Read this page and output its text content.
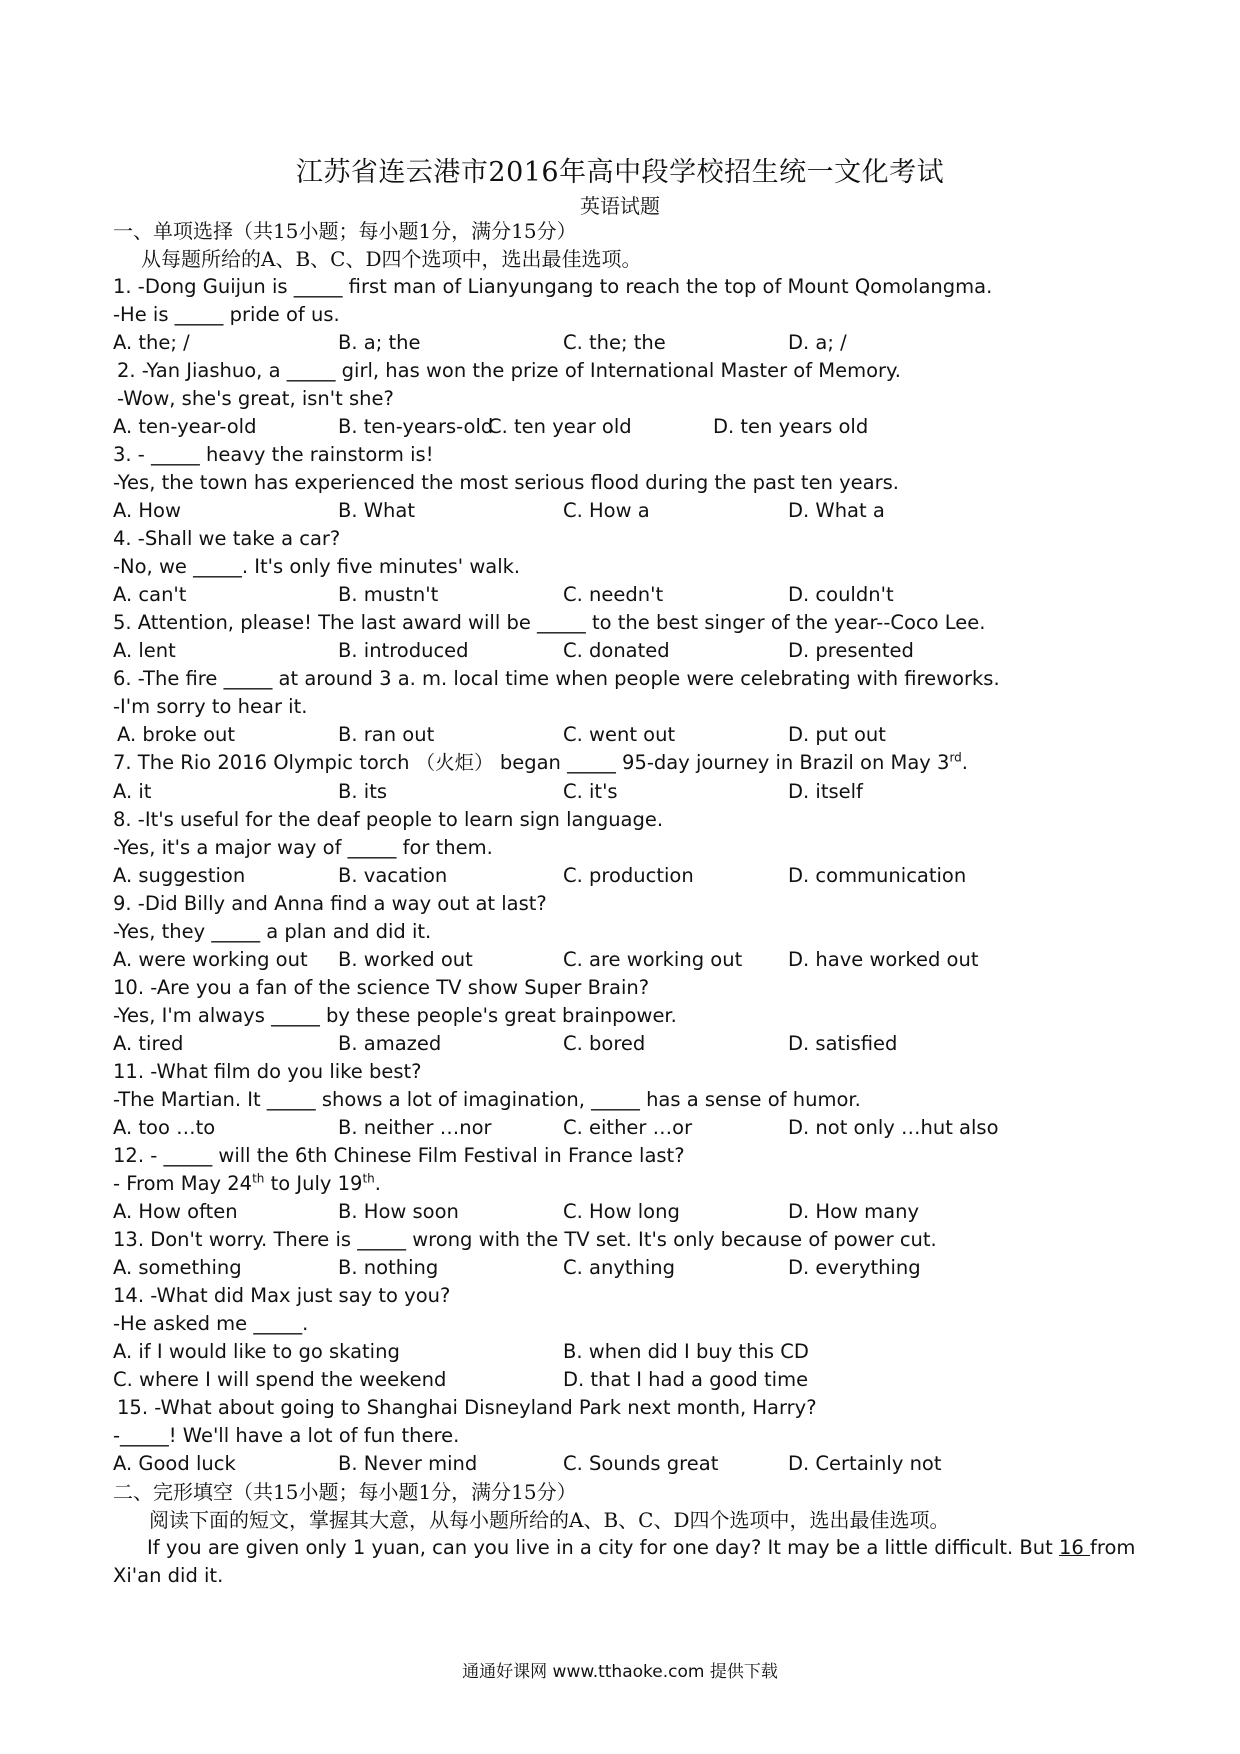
江苏省连云港市2016年高中段学校招生统一文化考试
英语试题
一、单项选择（共15小题；每小题1分，满分15分）
从每题所给的A、B、C、D四个选项中，选出最佳选项。
1. -Dong Guijun is _____ first man of Lianyungang to reach the top of Mount Qomolangma.
-He is _____ pride of us.
A. the; /	B. a; the	C. the; the	D. a; /
2. -Yan Jiashuo, a _____ girl, has won the prize of International Master of Memory.
-Wow, she's great, isn't she?
A. ten-year-old	B. ten-years-old
C. ten year old	D. ten years old
3. - _____ heavy the rainstorm is!
-Yes, the town has experienced the most serious flood during the past ten years.
A. How	B. What	C. How a	D. What a
4. -Shall we take a car?
-No, we _____. It's only five minutes' walk.
A. can't	B. mustn't	C. needn't	D. couldn't
5. Attention, please! The last award will be _____ to the best singer of the year--Coco Lee.
A. lent	B. introduced	C. donated	D. presented
6. -The fire _____ at around 3 a. m. local time when people were celebrating with fireworks.
-I'm sorry to hear it.
A. broke out	B. ran out	C. went out	D. put out
7. The Rio 2016 Olympic torch （火炬） began _____ 95-day journey in Brazil on May 3rd.
A. it	B. its	C. it's	D. itself
8. -It's useful for the deaf people to learn sign language.
-Yes, it's a major way of _____ for them.
A. suggestion	B. vacation	C. production	D. communication
9. -Did Billy and Anna find a way out at last?
-Yes, they _____ a plan and did it.
A. were working out B. worked out	C. are working out D. have worked out
10. -Are you a fan of the science TV show Super Brain?
-Yes, I'm always _____ by these people's great brainpower.
A. tired	B. amazed	C. bored	D. satisfied
11. -What film do you like best?
-The Martian. It _____ shows a lot of imagination, _____ has a sense of humor.
A. too …to	B. neither …nor	C. either …or	D. not only …hut also
12. - _____ will the 6th Chinese Film Festival in France last?
- From May 24th to July 19th.
A. How often	B. How soon	C. How long	D. How many
13. Don't worry. There is _____ wrong with the TV set. It's only because of power cut.
A. something	B. nothing	C. anything	D. everything
14. -What did Max just say to you?
-He asked me _____.
A. if I would like to go skating	B. when did I buy this CD
C. where I will spend the weekend	D. that I had a good time
15. -What about going to Shanghai Disneyland Park next month, Harry?
-_____! We'll have a lot of fun there.
A. Good luck	B. Never mind	C. Sounds great	D. Certainly not
二、完形填空（共15小题；每小题1分，满分15分）
阅读下面的短文，掌握其大意，从每小题所给的A、B、C、D四个选项中，选出最佳选项。
If you are given only 1 yuan, can you live in a city for one day? It may be a little difficult. But 16 from
Xi'an did it.
通通好课网 www.tthaoke.com 提供下载
